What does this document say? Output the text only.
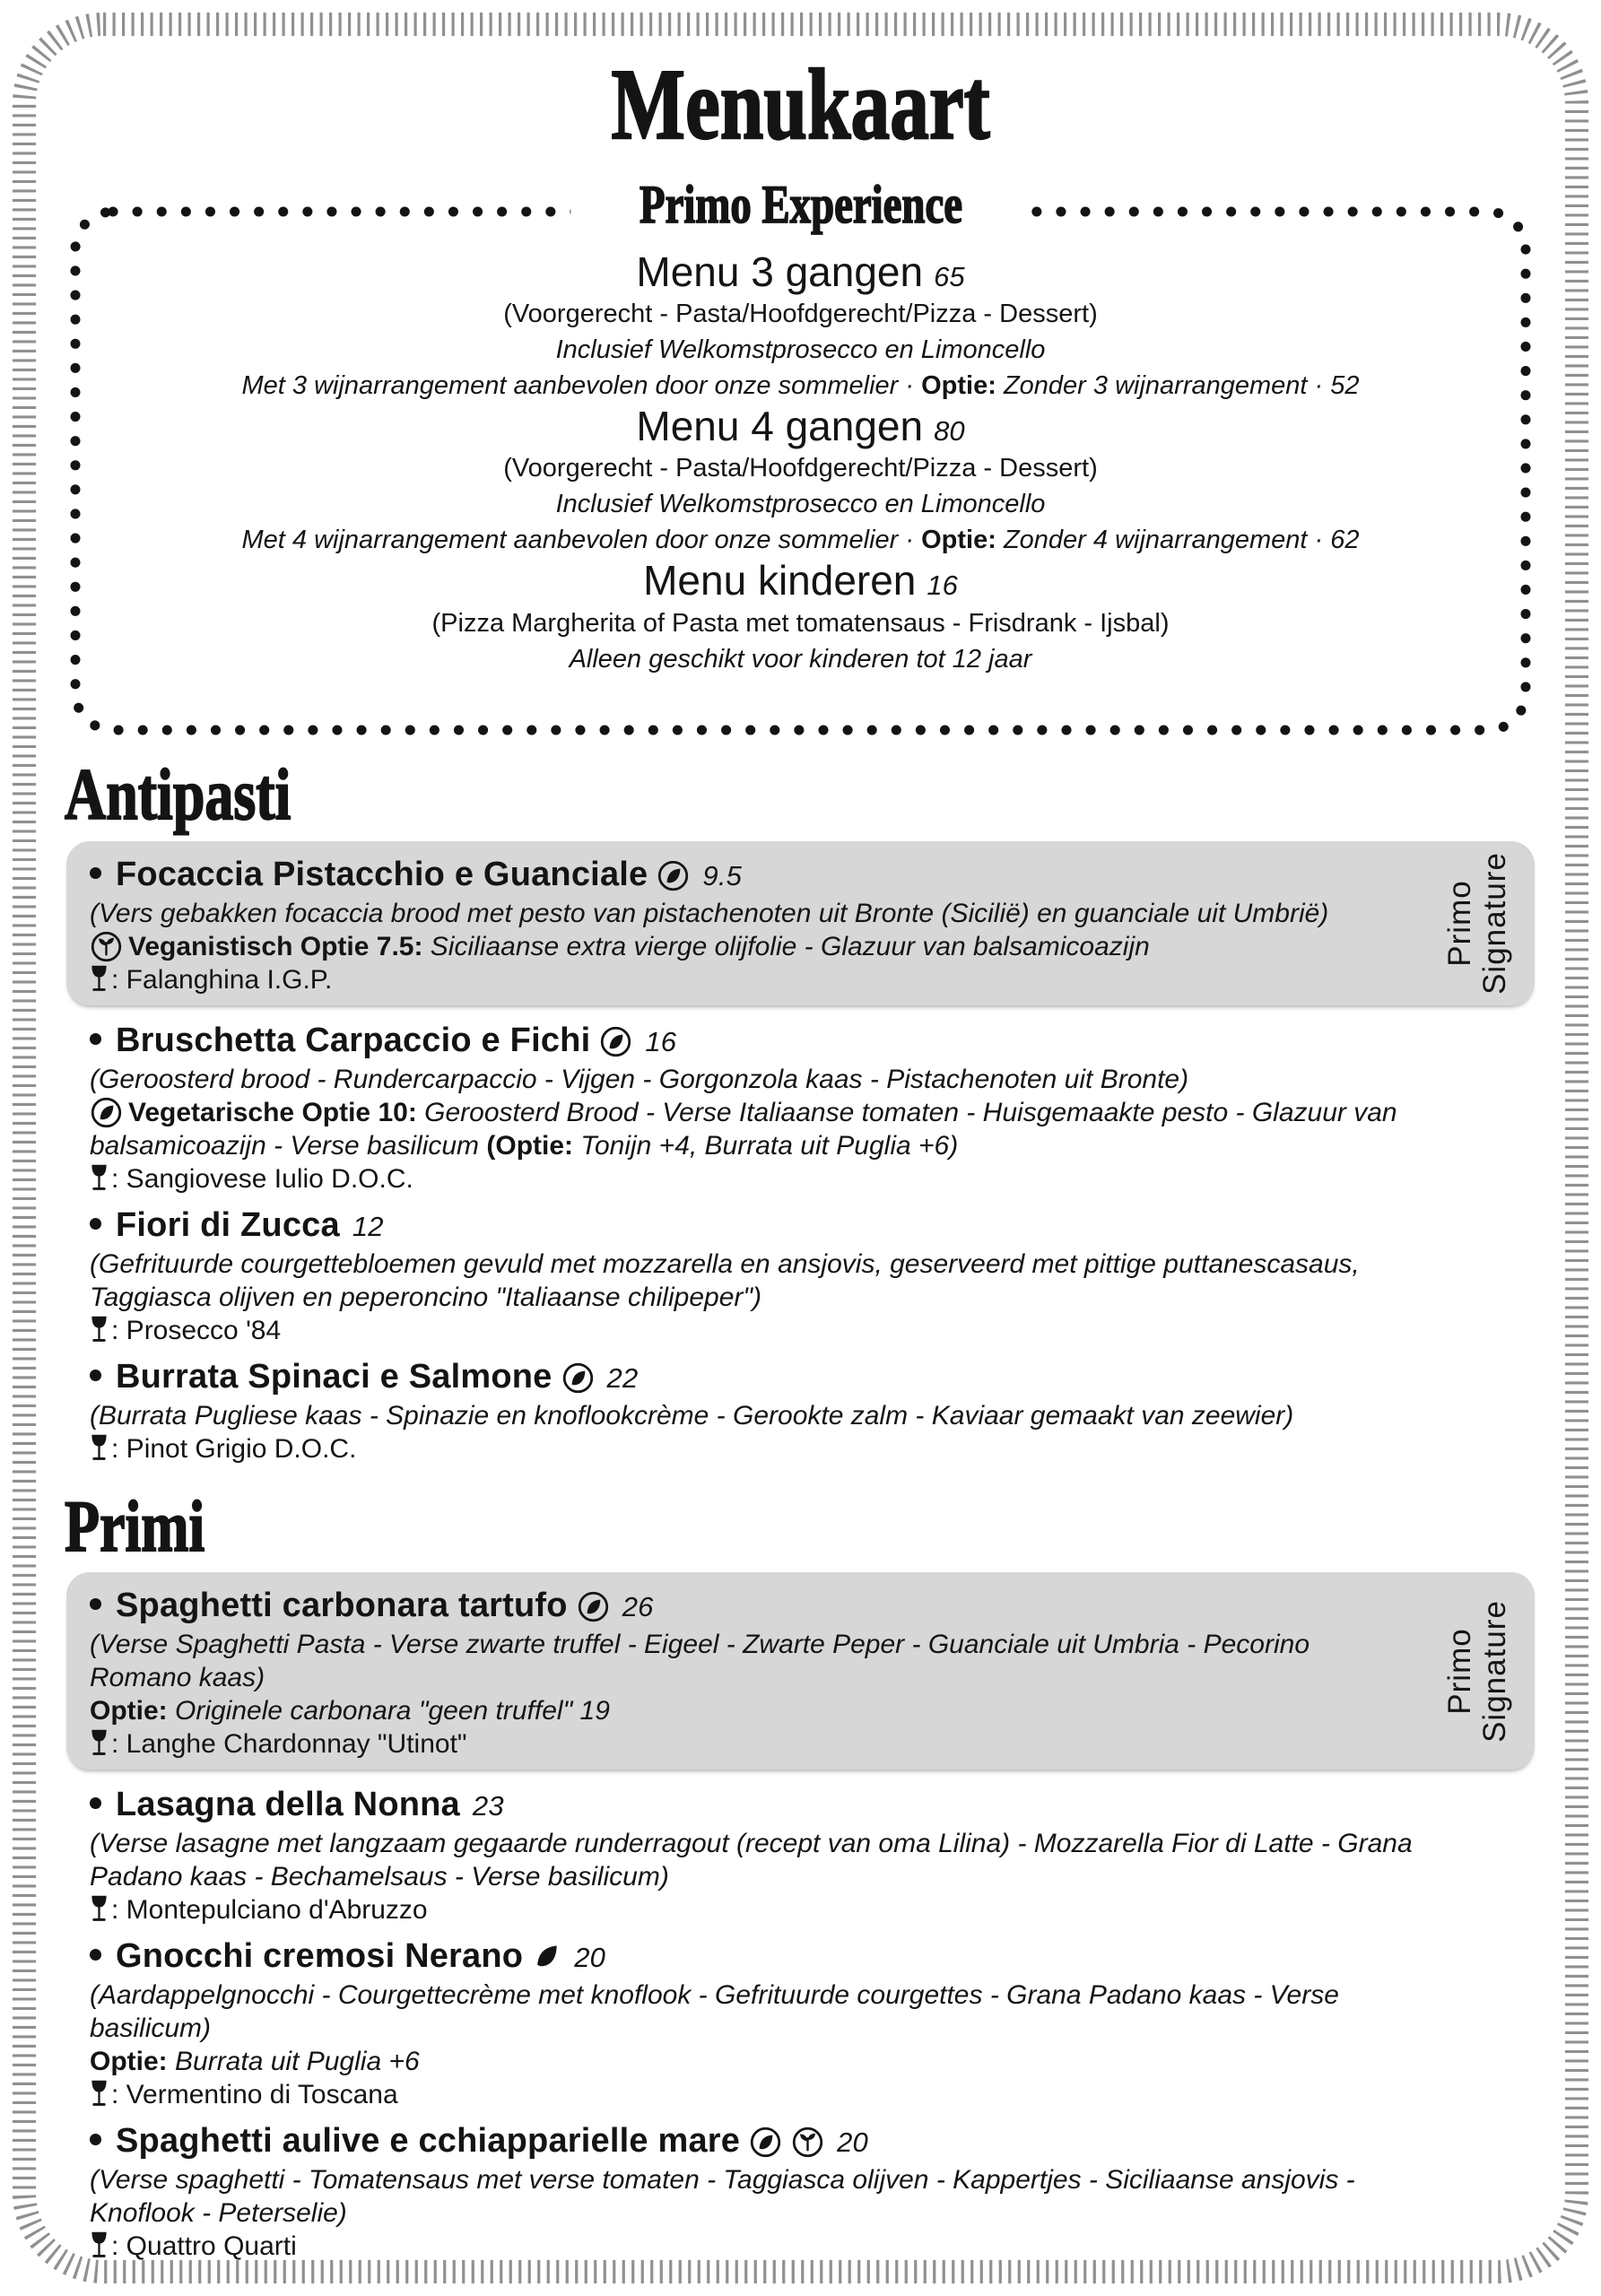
Menukaart
Primo Experience
Menu 3 gangen 65

(Voorgerecht - Pasta/Hoofdgerecht/Pizza - Dessert)

Inclusief Welkomstprosecco en Limoncello

Met 3 wijnarrangement aanbevolen door onze sommelier · Optie: Zonder 3 wijnarrangement · 52

Menu 4 gangen 80

(Voorgerecht - Pasta/Hoofdgerecht/Pizza - Dessert)

Inclusief Welkomstprosecco en Limoncello

Met 4 wijnarrangement aanbevolen door onze sommelier · Optie: Zonder 4 wijnarrangement · 62

Menu kinderen 16

(Pizza Margherita of Pasta met tomatensaus - Frisdrank - Ijsbal)

Alleen geschikt voor kinderen tot 12 jaar

Antipasti

Focaccia Pistacchio e Guanciale 9.5

(Vers gebakken focaccia brood met pesto van pistachenoten uit Bronte (Sicilië) en guanciale uit Umbrië)

Veganistisch Optie 7.5: Siciliaanse extra vierge olijfolie - Glazuur van balsamicoazijn

: Falanghina I.G.P.

Primo Signature

Bruschetta Carpaccio e Fichi 16

(Geroosterd brood - Rundercarpaccio - Vijgen - Gorgonzola kaas - Pistachenoten uit Bronte)

Vegetarische Optie 10: Geroosterd Brood - Verse Italiaanse tomaten - Huisgemaakte pesto - Glazuur van balsamicoazijn - Verse basilicum (Optie: Tonijn +4, Burrata uit Puglia +6)

: Sangiovese Iulio D.O.C.

Fiori di Zucca 12

(Gefrituurde courgettebloemen gevuld met mozzarella en ansjovis, geserveerd met pittige puttanescasaus, Taggiasca olijven en peperoncino "Italiaanse chilipeper")

: Prosecco '84

Burrata Spinaci e Salmone 22

(Burrata Pugliese kaas - Spinazie en knoflookcrème - Gerookte zalm - Kaviaar gemaakt van zeewier)

: Pinot Grigio D.O.C.

Primi

Spaghetti carbonara tartufo 26

(Verse Spaghetti Pasta - Verse zwarte truffel - Eigeel - Zwarte Peper - Guanciale uit Umbria - Pecorino Romano kaas)

Optie: Originele carbonara "geen truffel" 19

: Langhe Chardonnay "Utinot"

Primo Signature

Lasagna della Nonna 23

(Verse lasagne met langzaam gegaarde runderragout (recept van oma Lilina) - Mozzarella Fior di Latte - Grana Padano kaas - Bechamelsaus - Verse basilicum)

: Montepulciano d'Abruzzo

Gnocchi cremosi Nerano 20

(Aardappelgnocchi - Courgettecrème met knoflook - Gefrituurde courgettes - Grana Padano kaas - Verse basilicum)

Optie: Burrata uit Puglia +6

: Vermentino di Toscana

Spaghetti aulive e cchiapparielle mare	20

(Verse spaghetti - Tomatensaus met verse tomaten - Taggiasca olijven - Kappertjes - Siciliaanse ansjovis - Knoflook - Peterselie)

: Quattro Quarti
